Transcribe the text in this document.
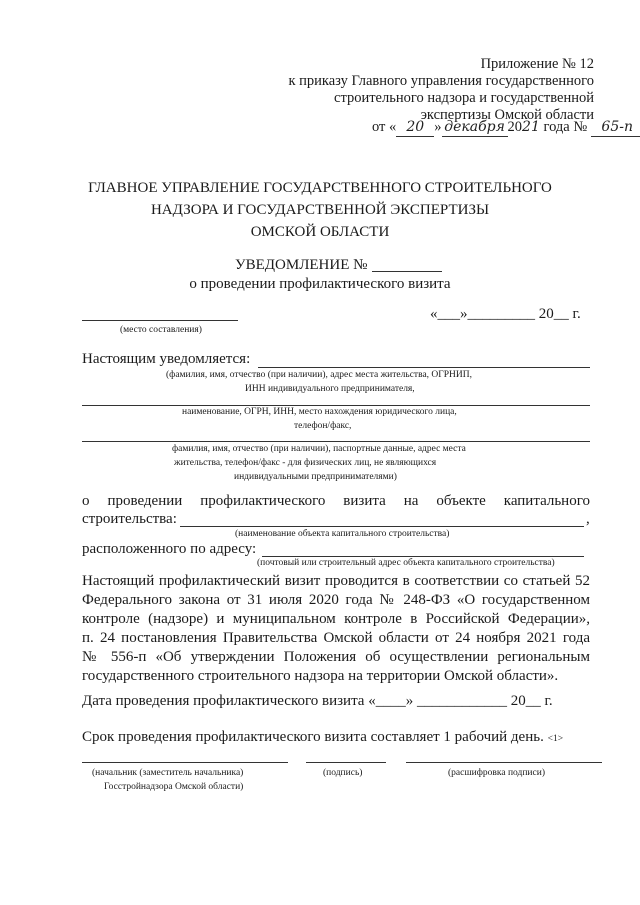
Приложение № 12
к приказу Главного управления государственного
строительного надзора и государственной
экспертизы Омской области
от « 20 » декабря 2021 года № 65-п
ГЛАВНОЕ УПРАВЛЕНИЕ ГОСУДАРСТВЕННОГО СТРОИТЕЛЬНОГО
НАДЗОРА И ГОСУДАРСТВЕННОЙ ЭКСПЕРТИЗЫ
ОМСКОЙ ОБЛАСТИ
УВЕДОМЛЕНИЕ №
о проведении профилактического визита
(место составления)
«___»_________ 20__ г.
Настоящим уведомляется:
(фамилия, имя, отчество (при наличии), адрес места жительства, ОГРНИП,
ИНН индивидуального предпринимателя,
наименование, ОГРН, ИНН, место нахождения юридического лица,
телефон/факс,
фамилия, имя, отчество (при наличии), паспортные данные, адрес места
жительства, телефон/факс - для физических лиц, не являющихся
индивидуальными предпринимателями)
о проведении профилактического визита на объекте капитального
строительства:	,
(наименование объекта капитального строительства)
расположенного по адресу:
(почтовый или строительный адрес объекта капитального строительства)
Настоящий профилактический визит проводится в соответствии со статьей 52
Федерального закона от 31 июля 2020 года № 248-ФЗ «О государственном
контроле (надзоре) и муниципальном контроле в Российской Федерации»,
п. 24 постановления Правительства Омской области от 24 ноября 2021 года
№ 556-п «Об утверждении Положения об осуществлении региональным
государственного строительного надзора на территории Омской области».
Дата проведения профилактического визита «____» ____________ 20__ г.
Срок проведения профилактического визита составляет 1 рабочий день. <1>
(начальник (заместитель начальника)
Госстройнадзора Омской области)
(подпись)	(расшифровка подписи)
